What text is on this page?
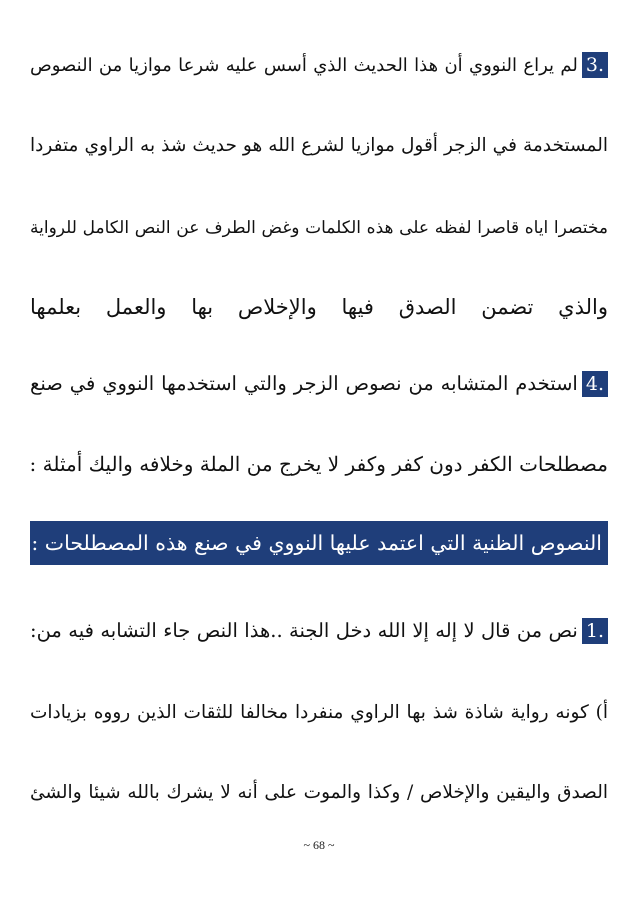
3.لم يراع النووي أن هذا الحديث الذي أسس عليه شرعا موازيا من النصوص
المستخدمة في الزجر أقول موازيا لشرع الله هو حديث شذ به الراوي متفردا
مختصرا اياه قاصرا لفظه على هذه الكلمات وغض الطرف عن النص الكامل للرواية
والذي تضمن الصدق فيها والإخلاص بها والعمل بعلمها
4.استخدم المتشابه من نصوص الزجر والتي استخدمها النووي في صنع
مصطلحات الكفر دون كفر وكفر لا يخرج من الملة وخلافه واليك أمثلة :
1.نص من قال لا إله إلا الله دخل الجنة ..هذا النص جاء التشابه فيه من:
أ) كونه رواية شاذة شذ بها الراوي منفردا مخالفا للثقات الذين رووه بزيادات
الصدق واليقين والإخلاص / وكذا والموت على أنه لا يشرك بالله شيئا والشئ
النصوص الظنية التي اعتمد عليها النووي في صنع هذه المصطلحات :
~ 68 ~
